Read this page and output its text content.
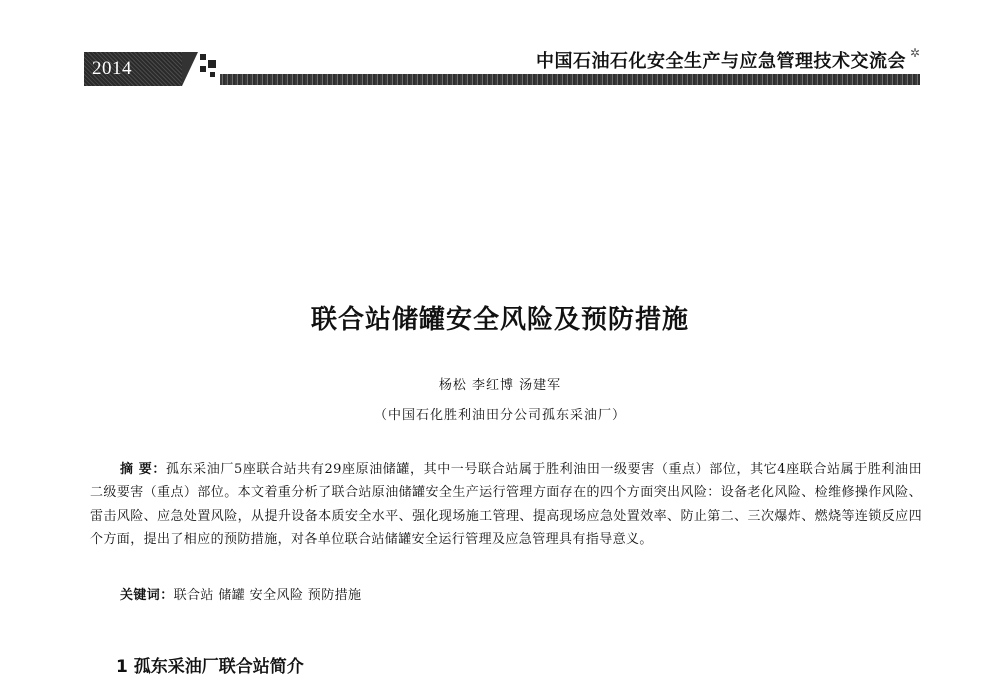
2014	中国石油石化安全生产与应急管理技术交流会 ✲
联合站储罐安全风险及预防措施
杨松 李红博 汤建军
（中国石化胜利油田分公司孤东采油厂）
摘 要：孤东采油厂5座联合站共有29座原油储罐，其中一号联合站属于胜利油田一级要害（重点）部位，其它4座联合站属于胜利油田二级要害（重点）部位。本文着重分析了联合站原油储罐安全生产运行管理方面存在的四个方面突出风险：设备老化风险、检维修操作风险、雷击风险、应急处置风险，从提升设备本质安全水平、强化现场施工管理、提高现场应急处置效率、防止第二、三次爆炸、燃烧等连锁反应四个方面，提出了相应的预防措施，对各单位联合站储罐安全运行管理及应急管理具有指导意义。
关键词：联合站 储罐 安全风险 预防措施
1 孤东采油厂联合站简介
